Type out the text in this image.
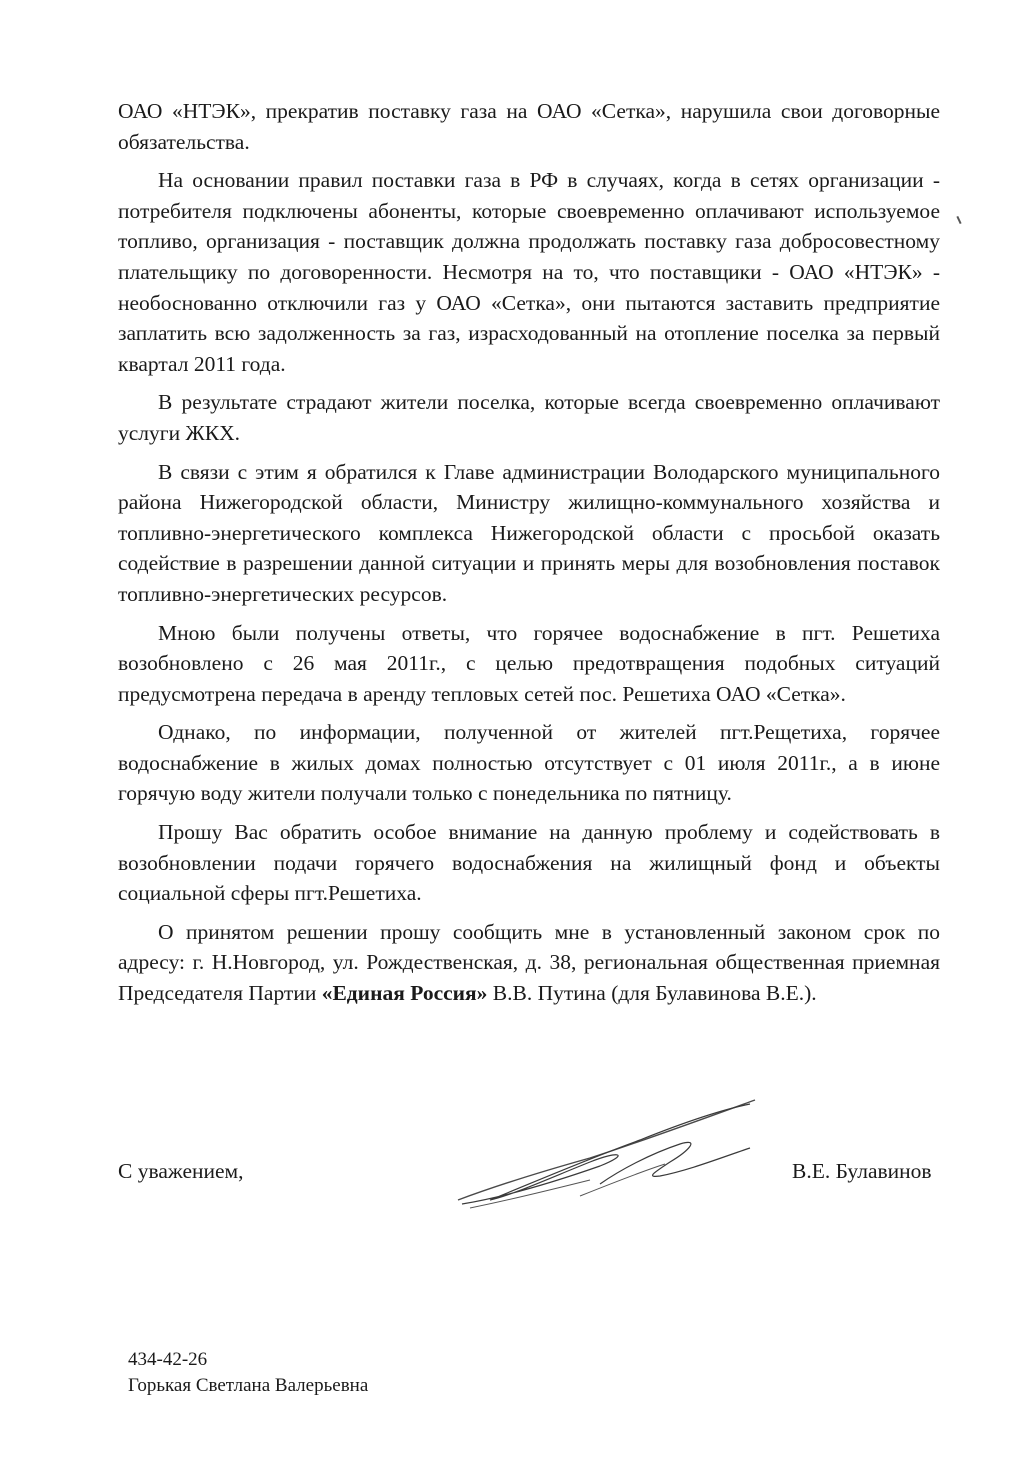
ОАО «НТЭК», прекратив поставку газа на ОАО «Сетка», нарушила свои договорные обязательства.

На основании правил поставки газа в РФ в случаях, когда в сетях организации - потребителя подключены абоненты, которые своевременно оплачивают используемое топливо, организация - поставщик должна продолжать поставку газа добросовестному плательщику по договоренности. Несмотря на то, что поставщики - ОАО «НТЭК» - необоснованно отключили газ у ОАО «Сетка», они пытаются заставить предприятие заплатить всю задолженность за газ, израсходованный на отопление поселка за первый квартал 2011 года.

В результате страдают жители поселка, которые всегда своевременно оплачивают услуги ЖКХ.

В связи с этим я обратился к Главе администрации Володарского муниципального района Нижегородской области, Министру жилищно-коммунального хозяйства и топливно-энергетического комплекса Нижегородской области с просьбой оказать содействие в разрешении данной ситуации и принять меры для возобновления поставок топливно-энергетических ресурсов.

Мною были получены ответы, что горячее водоснабжение в пгт. Решетиха возобновлено с 26 мая 2011г., с целью предотвращения подобных ситуаций предусмотрена передача в аренду тепловых сетей пос. Решетиха ОАО «Сетка».

Однако, по информации, полученной от жителей пгт.Рещетиха, горячее водоснабжение в жилых домах полностью отсутствует с 01 июля 2011г., а в июне горячую воду жители получали только с понедельника по пятницу.

Прошу Вас обратить особое внимание на данную проблему и содействовать в возобновлении подачи горячего водоснабжения на жилищный фонд и объекты социальной сферы пгт.Решетиха.

О принятом решении прошу сообщить мне в установленный законом срок по адресу: г. Н.Новгород, ул. Рождественская, д. 38, региональная общественная приемная Председателя Партии «Единая Россия» В.В. Путина (для Булавинова В.Е.).

С уважением,	В.Е. Булавинов
434-42-26
Горькая Светлана Валерьевна
